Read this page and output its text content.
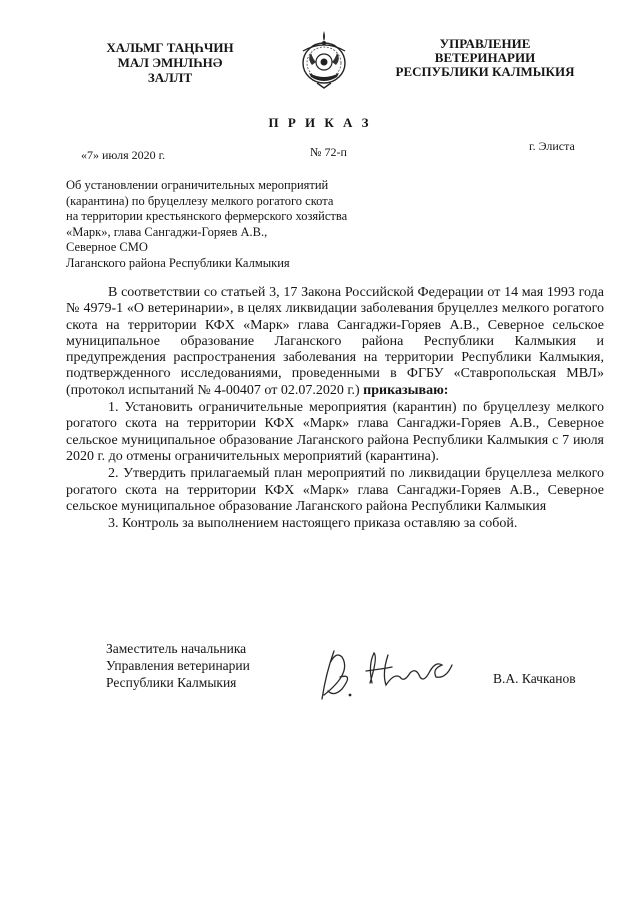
ХАЛЬМГ ТАҢҺЧИН
МАЛ ЭМНЛҺНӘ
ЗАЛЛТ
УПРАВЛЕНИЕ
ВЕТЕРИНАРИИ
РЕСПУБЛИКИ КАЛМЫКИЯ
П Р И К А З
«7» июля 2020 г.	№ 72-п	г. Элиста
Об установлении ограничительных мероприятий
(карантина) по бруцеллезу мелкого рогатого скота
на территории крестьянского фермерского хозяйства
«Марк», глава Сангаджи-Горяев А.В.,
Северное СМО
Лаганского района Республики Калмыкия

В соответствии со статьей 3, 17 Закона Российской Федерации от 14 мая 1993 года № 4979-1 «О ветеринарии», в целях ликвидации заболевания бруцеллез мелкого рогатого скота на территории КФХ «Марк» глава Сангаджи-Горяев А.В., Северное сельское муниципальное образование Лаганского района Республики Калмыкия и предупреждения распространения заболевания на территории Республики Калмыкия, подтвержденного исследованиями, проведенными в ФГБУ «Ставропольская МВЛ» (протокол испытаний № 4-00407 от 02.07.2020 г.) приказываю:

1. Установить ограничительные мероприятия (карантин) по бруцеллезу мелкого рогатого скота на территории КФХ «Марк» глава Сангаджи-Горяев А.В., Северное сельское муниципальное образование Лаганского района Республики Калмыкия с 7 июля 2020 г. до отмены ограничительных мероприятий (карантина).

2. Утвердить прилагаемый план мероприятий по ликвидации бруцеллеза мелкого рогатого скота на территории КФХ «Марк» глава Сангаджи-Горяев А.В., Северное сельское муниципальное образование Лаганского района Республики Калмыкия

3. Контроль за выполнением настоящего приказа оставляю за собой.

Заместитель начальника
Управления ветеринарии
Республики Калмыкия	В.А. Качканов
